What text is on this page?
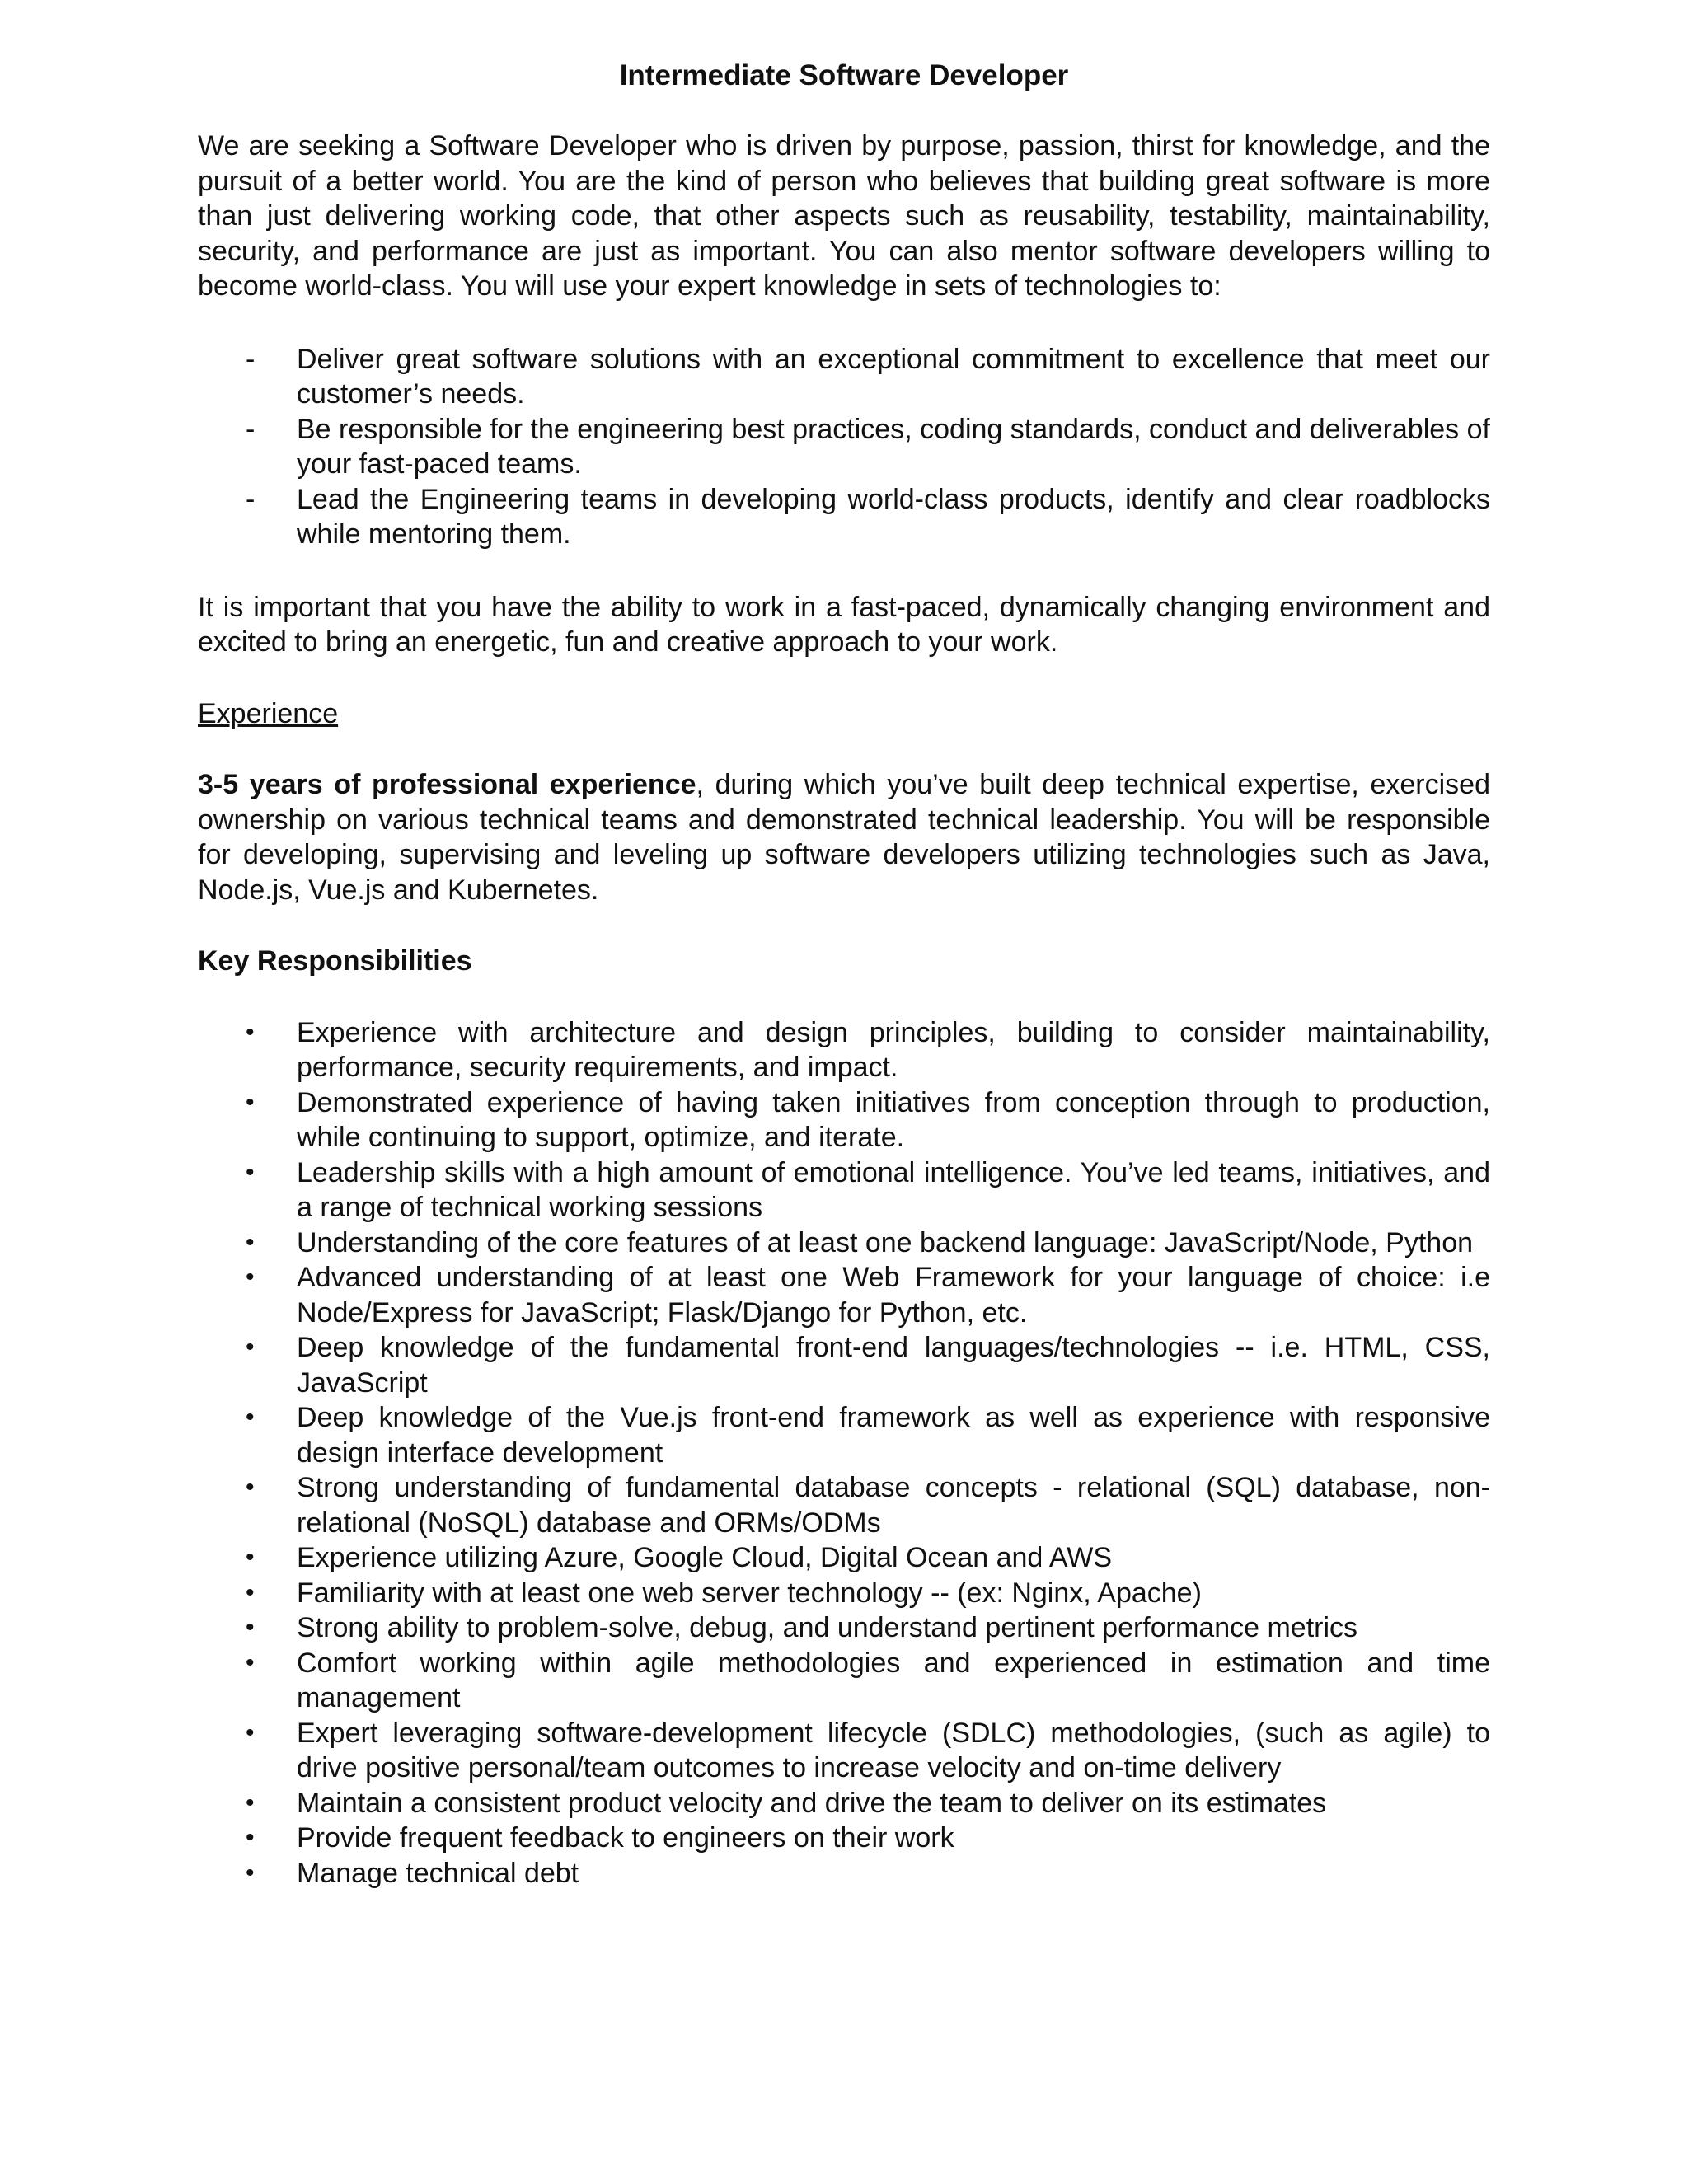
Intermediate Software Developer

We are seeking a Software Developer who is driven by purpose, passion, thirst for knowledge, and the pursuit of a better world. You are the kind of person who believes that building great software is more than just delivering working code, that other aspects such as reusability, testability, maintainability, security, and performance are just as important. You can also mentor software developers willing to become world-class. You will use your expert knowledge in sets of technologies to:

- Deliver great software solutions with an exceptional commitment to excellence that meet our customer’s needs.
- Be responsible for the engineering best practices, coding standards, conduct and deliverables of your fast-paced teams.
- Lead the Engineering teams in developing world-class products, identify and clear roadblocks while mentoring them.

It is important that you have the ability to work in a fast-paced, dynamically changing environment and excited to bring an energetic, fun and creative approach to your work.

Experience

3-5 years of professional experience, during which you’ve built deep technical expertise, exercised ownership on various technical teams and demonstrated technical leadership. You will be responsible for developing, supervising and leveling up software developers utilizing technologies such as Java, Node.js, Vue.js and Kubernetes.

Key Responsibilities

• Experience with architecture and design principles, building to consider maintainability, performance, security requirements, and impact.
• Demonstrated experience of having taken initiatives from conception through to production, while continuing to support, optimize, and iterate.
• Leadership skills with a high amount of emotional intelligence. You’ve led teams, initiatives, and a range of technical working sessions
• Understanding of the core features of at least one backend language: JavaScript/Node, Python
• Advanced understanding of at least one Web Framework for your language of choice: i.e Node/Express for JavaScript; Flask/Django for Python, etc.
• Deep knowledge of the fundamental front-end languages/technologies -- i.e. HTML, CSS, JavaScript
• Deep knowledge of the Vue.js front-end framework as well as experience with responsive design interface development
• Strong understanding of fundamental database concepts - relational (SQL) database, non-relational (NoSQL) database and ORMs/ODMs
• Experience utilizing Azure, Google Cloud, Digital Ocean and AWS
• Familiarity with at least one web server technology -- (ex: Nginx, Apache)
• Strong ability to problem-solve, debug, and understand pertinent performance metrics
• Comfort working within agile methodologies and experienced in estimation and time management
• Expert leveraging software-development lifecycle (SDLC) methodologies, (such as agile) to drive positive personal/team outcomes to increase velocity and on-time delivery
• Maintain a consistent product velocity and drive the team to deliver on its estimates
• Provide frequent feedback to engineers on their work
• Manage technical debt
